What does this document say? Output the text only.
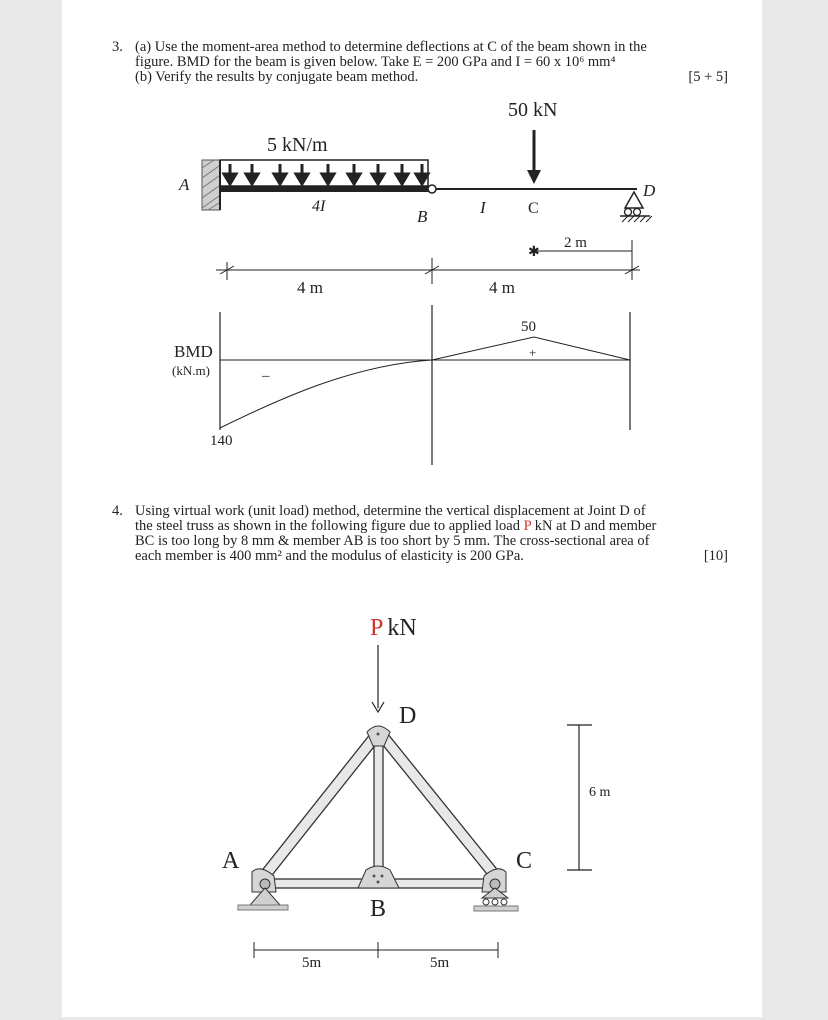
3. (a) Use the moment-area method to determine deflections at C of the beam shown in the

figure. BMD for the beam is given below. Take E = 200 GPa and I = 60 x 10⁶ mm⁴

(b) Verify the results by conjugate beam method.	[5 + 5]

50 kN
5 kN/m
A
4I
B	I	C
D
✱
2 m
4 m	4 m
BMD
(kN.m)
50
+
–
140
4. Using virtual work (unit load) method, determine the vertical displacement at Joint D of

the steel truss as shown in the following figure due to applied load P kN at D and member

BC is too long by 8 mm & member AB is too short by 5 mm. The cross-sectional area of

each member is 400 mm² and the modulus of elasticity is 200 GPa.	[10]

P kN
D
A
B
C
6 m
5m	5m
